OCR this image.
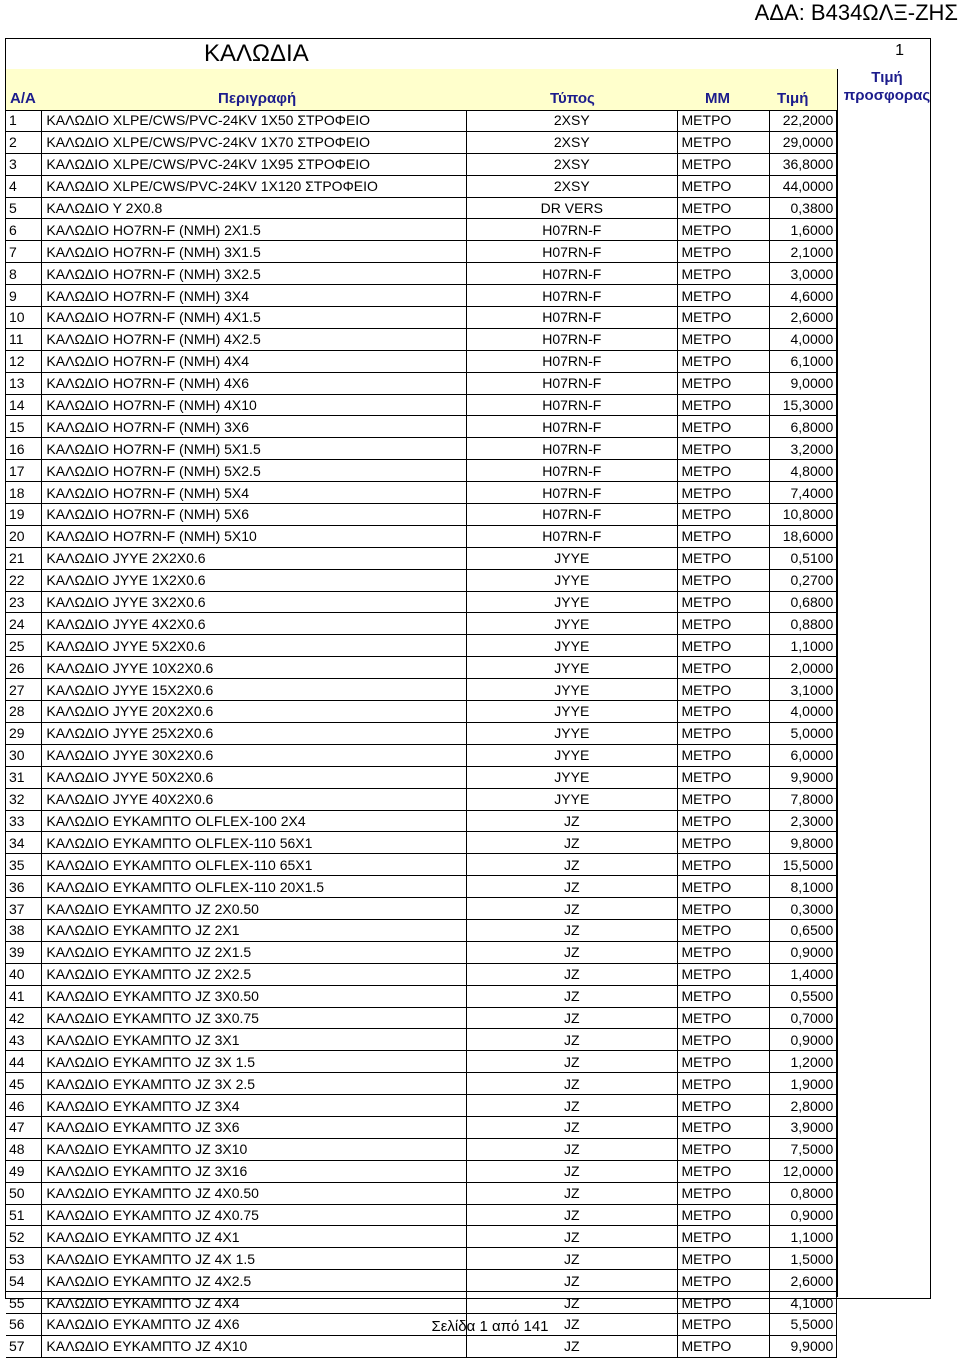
ΑΔΑ: Β434ΩΛΞ-ΖΗΣ
ΚΑΛΩΔΙΑ	1
Α/Α	Περιγραφή	Τύπος	ΜΜ	Τιμή
Τιμή προσφορας
1	ΚΑΛΩΔΙΟ XLPE/CWS/PVC-24KV 1X50 ΣΤΡΟΦΕΙΟ	2XSY	ΜΕΤΡΟ	22,2000	
2	ΚΑΛΩΔΙΟ XLPE/CWS/PVC-24KV 1X70 ΣΤΡΟΦΕΙΟ	2XSY	ΜΕΤΡΟ	29,0000	
3	ΚΑΛΩΔΙΟ XLPE/CWS/PVC-24KV 1X95 ΣΤΡΟΦΕΙΟ	2XSY	ΜΕΤΡΟ	36,8000	
4	ΚΑΛΩΔΙΟ XLPE/CWS/PVC-24KV 1X120 ΣΤΡΟΦΕΙΟ	2XSY	ΜΕΤΡΟ	44,0000	
5	ΚΑΛΩΔΙΟ Υ 2Χ0.8	DR VERS	ΜΕΤΡΟ	0,3800	
6	ΚΑΛΩΔΙΟ ΗΟ7RN-F (NMH) 2X1.5	H07RN-F	ΜΕΤΡΟ	1,6000	
7	ΚΑΛΩΔΙΟ ΗΟ7RN-F (NMH) 3X1.5	H07RN-F	ΜΕΤΡΟ	2,1000	
8	ΚΑΛΩΔΙΟ ΗΟ7RN-F (NMH) 3X2.5	H07RN-F	ΜΕΤΡΟ	3,0000	
9	ΚΑΛΩΔΙΟ ΗΟ7RN-F (NMH) 3X4	H07RN-F	ΜΕΤΡΟ	4,6000	
10	ΚΑΛΩΔΙΟ ΗΟ7RN-F (NMH) 4X1.5	H07RN-F	ΜΕΤΡΟ	2,6000	
11	ΚΑΛΩΔΙΟ ΗΟ7RN-F (NMH) 4X2.5	H07RN-F	ΜΕΤΡΟ	4,0000	
12	ΚΑΛΩΔΙΟ ΗΟ7RN-F (NMH) 4X4	H07RN-F	ΜΕΤΡΟ	6,1000	
13	ΚΑΛΩΔΙΟ ΗΟ7RN-F (NMH) 4X6	H07RN-F	ΜΕΤΡΟ	9,0000	
14	ΚΑΛΩΔΙΟ ΗΟ7RN-F (NMH) 4X10	H07RN-F	ΜΕΤΡΟ	15,3000	
15	ΚΑΛΩΔΙΟ ΗΟ7RN-F (NMH) 3X6	H07RN-F	ΜΕΤΡΟ	6,8000	
16	ΚΑΛΩΔΙΟ ΗΟ7RN-F (NMH) 5X1.5	H07RN-F	ΜΕΤΡΟ	3,2000	
17	ΚΑΛΩΔΙΟ ΗΟ7RN-F (NMH) 5X2.5	H07RN-F	ΜΕΤΡΟ	4,8000	
18	ΚΑΛΩΔΙΟ ΗΟ7RN-F (NMH) 5X4	H07RN-F	ΜΕΤΡΟ	7,4000	
19	ΚΑΛΩΔΙΟ ΗΟ7RN-F (NMH) 5X6	H07RN-F	ΜΕΤΡΟ	10,8000	
20	ΚΑΛΩΔΙΟ ΗΟ7RN-F (NMH) 5X10	H07RN-F	ΜΕΤΡΟ	18,6000	
21	ΚΑΛΩΔΙΟ JYYE 2X2X0.6	JYYE	ΜΕΤΡΟ	0,5100	
22	ΚΑΛΩΔΙΟ JYYE 1X2X0.6	JYYE	ΜΕΤΡΟ	0,2700	
23	ΚΑΛΩΔΙΟ JYYE 3X2X0.6	JYYE	ΜΕΤΡΟ	0,6800	
24	ΚΑΛΩΔΙΟ JYYE 4X2X0.6	JYYE	ΜΕΤΡΟ	0,8800	
25	ΚΑΛΩΔΙΟ JYYE 5X2X0.6	JYYE	ΜΕΤΡΟ	1,1000	
26	ΚΑΛΩΔΙΟ JYYE 10X2X0.6	JYYE	ΜΕΤΡΟ	2,0000	
27	ΚΑΛΩΔΙΟ JYYE 15X2X0.6	JYYE	ΜΕΤΡΟ	3,1000	
28	ΚΑΛΩΔΙΟ JYYE 20X2X0.6	JYYE	ΜΕΤΡΟ	4,0000	
29	ΚΑΛΩΔΙΟ JYYE 25X2X0.6	JYYE	ΜΕΤΡΟ	5,0000	
30	ΚΑΛΩΔΙΟ JYYE 30X2X0.6	JYYE	ΜΕΤΡΟ	6,0000	
31	ΚΑΛΩΔΙΟ JYYE 50X2X0.6	JYYE	ΜΕΤΡΟ	9,9000	
32	ΚΑΛΩΔΙΟ JYYE 40X2X0.6	JYYE	ΜΕΤΡΟ	7,8000	
33	ΚΑΛΩΔΙΟ ΕΥΚΑΜΠΤΟ OLFLEX-100 2X4	JZ	ΜΕΤΡΟ	2,3000	
34	ΚΑΛΩΔΙΟ ΕΥΚΑΜΠΤΟ OLFLEX-110 56X1	JZ	ΜΕΤΡΟ	9,8000	
35	ΚΑΛΩΔΙΟ ΕΥΚΑΜΠΤΟ OLFLEX-110 65X1	JZ	ΜΕΤΡΟ	15,5000	
36	ΚΑΛΩΔΙΟ ΕΥΚΑΜΠΤΟ OLFLEX-110 20X1.5	JZ	ΜΕΤΡΟ	8,1000	
37	ΚΑΛΩΔΙΟ ΕΥΚΑΜΠΤΟ JZ 2X0.50	JZ	ΜΕΤΡΟ	0,3000	
38	ΚΑΛΩΔΙΟ ΕΥΚΑΜΠΤΟ JZ 2X1	JZ	ΜΕΤΡΟ	0,6500	
39	ΚΑΛΩΔΙΟ ΕΥΚΑΜΠΤΟ JZ 2X1.5	JZ	ΜΕΤΡΟ	0,9000	
40	ΚΑΛΩΔΙΟ ΕΥΚΑΜΠΤΟ JZ 2X2.5	JZ	ΜΕΤΡΟ	1,4000	
41	ΚΑΛΩΔΙΟ ΕΥΚΑΜΠΤΟ JZ 3X0.50	JZ	ΜΕΤΡΟ	0,5500	
42	ΚΑΛΩΔΙΟ ΕΥΚΑΜΠΤΟ JZ 3X0.75	JZ	ΜΕΤΡΟ	0,7000	
43	ΚΑΛΩΔΙΟ ΕΥΚΑΜΠΤΟ JZ 3X1	JZ	ΜΕΤΡΟ	0,9000	
44	ΚΑΛΩΔΙΟ ΕΥΚΑΜΠΤΟ JZ 3X 1.5	JZ	ΜΕΤΡΟ	1,2000	
45	ΚΑΛΩΔΙΟ ΕΥΚΑΜΠΤΟ JZ 3X 2.5	JZ	ΜΕΤΡΟ	1,9000	
46	ΚΑΛΩΔΙΟ ΕΥΚΑΜΠΤΟ JZ 3X4	JZ	ΜΕΤΡΟ	2,8000	
47	ΚΑΛΩΔΙΟ ΕΥΚΑΜΠΤΟ JZ 3X6	JZ	ΜΕΤΡΟ	3,9000	
48	ΚΑΛΩΔΙΟ ΕΥΚΑΜΠΤΟ JZ 3X10	JZ	ΜΕΤΡΟ	7,5000	
49	ΚΑΛΩΔΙΟ ΕΥΚΑΜΠΤΟ JZ 3X16	JZ	ΜΕΤΡΟ	12,0000	
50	ΚΑΛΩΔΙΟ ΕΥΚΑΜΠΤΟ JZ 4X0.50	JZ	ΜΕΤΡΟ	0,8000	
51	ΚΑΛΩΔΙΟ ΕΥΚΑΜΠΤΟ JZ 4X0.75	JZ	ΜΕΤΡΟ	0,9000	
52	ΚΑΛΩΔΙΟ ΕΥΚΑΜΠΤΟ JZ 4X1	JZ	ΜΕΤΡΟ	1,1000	
53	ΚΑΛΩΔΙΟ ΕΥΚΑΜΠΤΟ JZ 4X 1.5	JZ	ΜΕΤΡΟ	1,5000	
54	ΚΑΛΩΔΙΟ ΕΥΚΑΜΠΤΟ JZ 4X2.5	JZ	ΜΕΤΡΟ	2,6000	
55	ΚΑΛΩΔΙΟ ΕΥΚΑΜΠΤΟ JZ 4X4	JZ	ΜΕΤΡΟ	4,1000	
56	ΚΑΛΩΔΙΟ ΕΥΚΑΜΠΤΟ JZ 4X6	JZ	ΜΕΤΡΟ	5,5000	
57	ΚΑΛΩΔΙΟ ΕΥΚΑΜΠΤΟ JZ 4X10	JZ	ΜΕΤΡΟ	9,9000	
Σελίδα 1 από 141
